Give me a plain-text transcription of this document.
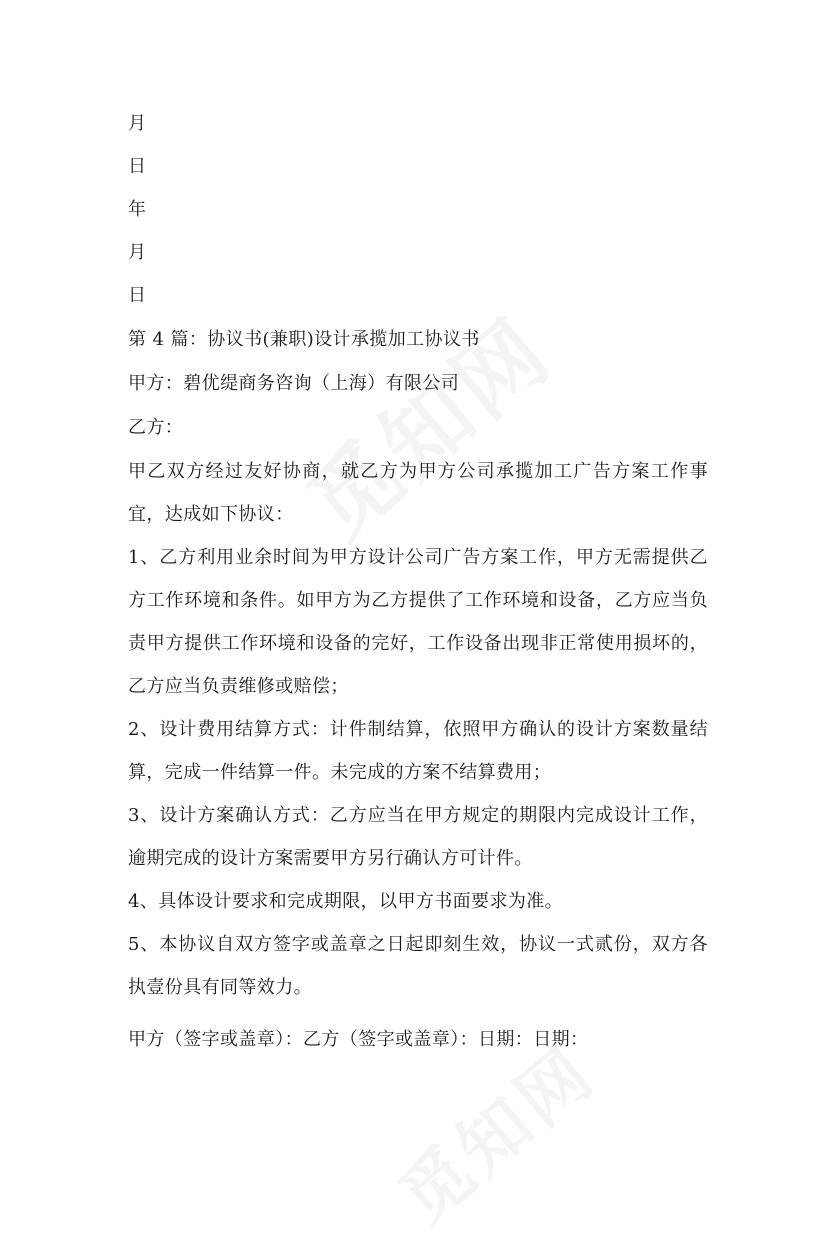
月
日
年
月
日
第 4 篇：协议书(兼职)设计承揽加工协议书
甲方：碧优缇商务咨询（上海）有限公司
乙方：
甲乙双方经过友好协商，就乙方为甲方公司承揽加工广告方案工作事宜，达成如下协议：
1、乙方利用业余时间为甲方设计公司广告方案工作，甲方无需提供乙方工作环境和条件。如甲方为乙方提供了工作环境和设备，乙方应当负责甲方提供工作环境和设备的完好，工作设备出现非正常使用损坏的，乙方应当负责维修或赔偿；
2、设计费用结算方式：计件制结算，依照甲方确认的设计方案数量结算，完成一件结算一件。未完成的方案不结算费用；
3、设计方案确认方式：乙方应当在甲方规定的期限内完成设计工作，逾期完成的设计方案需要甲方另行确认方可计件。
4、具体设计要求和完成期限，以甲方书面要求为准。
5、本协议自双方签字或盖章之日起即刻生效，协议一式贰份，双方各执壹份具有同等效力。
甲方（签字或盖章）：乙方（签字或盖章）：日期：日期：
